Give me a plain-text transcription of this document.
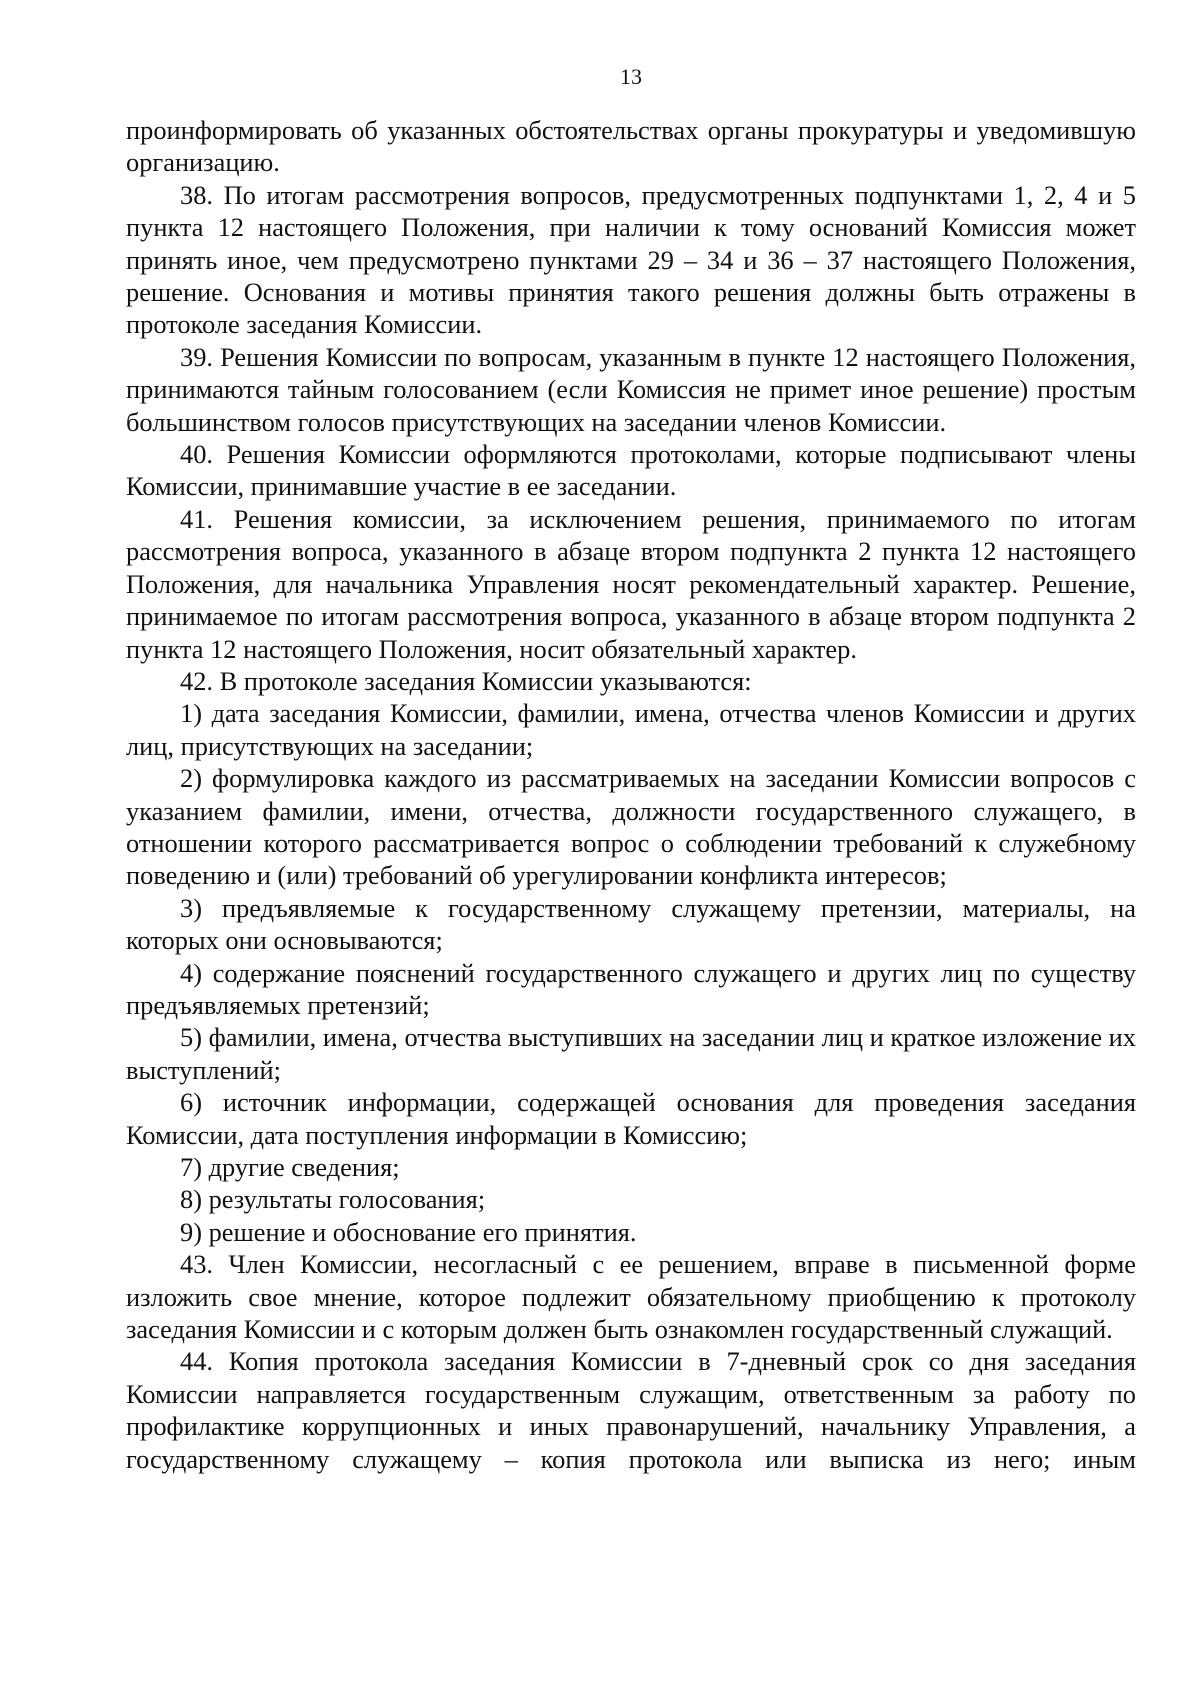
13

проинформировать об указанных обстоятельствах органы прокуратуры и уведомившую организацию.

38. По итогам рассмотрения вопросов, предусмотренных подпунктами 1, 2, 4 и 5 пункта 12 настоящего Положения, при наличии к тому оснований Комиссия может принять иное, чем предусмотрено пунктами 29 – 34 и 36 – 37 настоящего Положения, решение. Основания и мотивы принятия такого решения должны быть отражены в протоколе заседания Комиссии.

39. Решения Комиссии по вопросам, указанным в пункте 12 настоящего Положения, принимаются тайным голосованием (если Комиссия не примет иное решение) простым большинством голосов присутствующих на заседании членов Комиссии.

40. Решения Комиссии оформляются протоколами, которые подписывают члены Комиссии, принимавшие участие в ее заседании.

41. Решения комиссии, за исключением решения, принимаемого по итогам рассмотрения вопроса, указанного в абзаце втором подпункта 2 пункта 12 настоящего Положения, для начальника Управления носят рекомендательный характер. Решение, принимаемое по итогам рассмотрения вопроса, указанного в абзаце втором подпункта 2 пункта 12 настоящего Положения, носит обязательный характер.

42. В протоколе заседания Комиссии указываются:

1) дата заседания Комиссии, фамилии, имена, отчества членов Комиссии и других лиц, присутствующих на заседании;

2) формулировка каждого из рассматриваемых на заседании Комиссии вопросов с указанием фамилии, имени, отчества, должности государственного служащего, в отношении которого рассматривается вопрос о соблюдении требований к служебному поведению и (или) требований об урегулировании конфликта интересов;

3) предъявляемые к государственному служащему претензии, материалы, на которых они основываются;

4) содержание пояснений государственного служащего и других лиц по существу предъявляемых претензий;

5) фамилии, имена, отчества выступивших на заседании лиц и краткое изложение их выступлений;

6) источник информации, содержащей основания для проведения заседания Комиссии, дата поступления информации в Комиссию;

7) другие сведения;

8) результаты голосования;

9) решение и обоснование его принятия.

43. Член Комиссии, несогласный с ее решением, вправе в письменной форме изложить свое мнение, которое подлежит обязательному приобщению к протоколу заседания Комиссии и с которым должен быть ознакомлен государственный служащий.

44. Копия протокола заседания Комиссии в 7-дневный срок со дня заседания Комиссии направляется государственным служащим, ответственным за работу по профилактике коррупционных и иных правонарушений, начальнику Управления, а государственному служащему – копия протокола или выписка из него; иным
